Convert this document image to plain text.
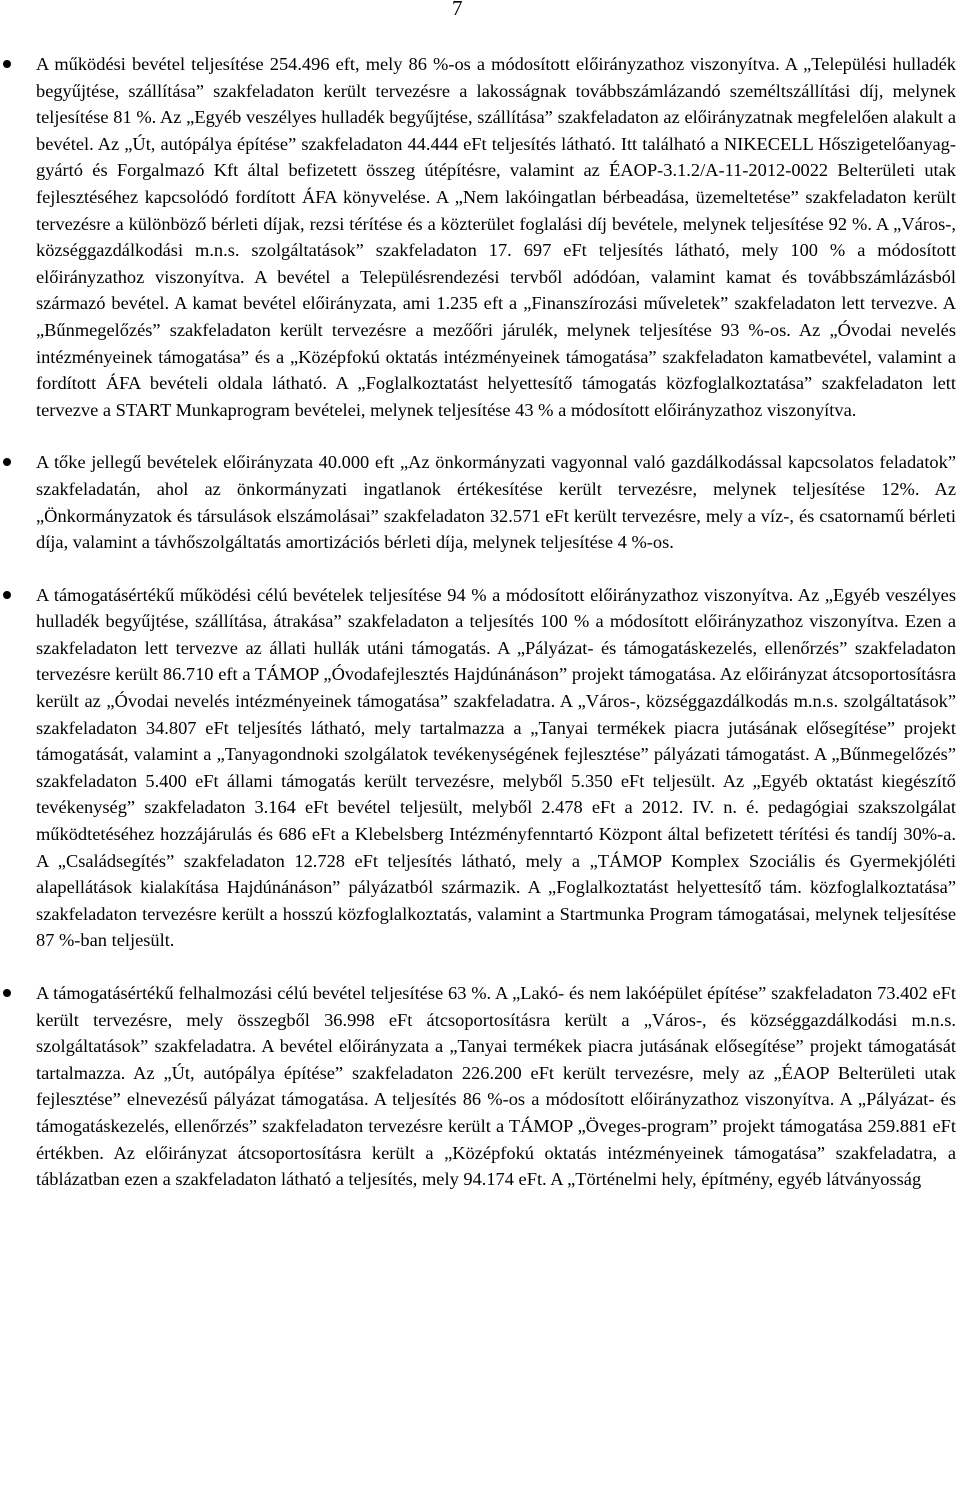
7
A működési bevétel teljesítése 254.496 eft, mely 86 %-os a módosított előirányzathoz viszonyítva. A „Települési hulladék begyűjtése, szállítása” szakfeladaton került tervezésre a lakosságnak továbbszámlázandó személtszállítási díj, melynek teljesítése 81 %. Az „Egyéb veszélyes hulladék begyűjtése, szállítása” szakfeladaton az előirányzatnak megfelelően alakult a bevétel. Az „Út, autópálya építése” szakfeladaton 44.444 eFt teljesítés látható. Itt található a NIKECELL Hőszigetelőanyag-gyártó és Forgalmazó Kft által befizetett összeg útépítésre, valamint az ÉAOP-3.1.2/A-11-2012-0022 Belterületi utak fejlesztéséhez kapcsolódó fordított ÁFA könyvelése. A „Nem lakóingatlan bérbeadása, üzemeltetése” szakfeladaton került tervezésre a különböző bérleti díjak, rezsi térítése és a közterület foglalási díj bevétele, melynek teljesítése 92 %. A „Város-, községgazdálkodási m.n.s. szolgáltatások” szakfeladaton 17. 697 eFt teljesítés látható, mely 100 % a módosított előirányzathoz viszonyítva. A bevétel a Településrendezési tervből adódóan, valamint kamat és továbbszámlázásból származó bevétel. A kamat bevétel előirányzata, ami 1.235 eft a „Finanszírozási műveletek” szakfeladaton lett tervezve. A „Bűnmegelőzés” szakfeladaton került tervezésre a mezőőri járulék, melynek teljesítése 93 %-os. Az „Óvodai nevelés intézményeinek támogatása” és a „Középfokú oktatás intézményeinek támogatása” szakfeladaton kamatbevétel, valamint a fordított ÁFA bevételi oldala látható. A „Foglalkoztatást helyettesítő támogatás közfoglalkoztatása” szakfeladaton lett tervezve a START Munkaprogram bevételei, melynek teljesítése 43 % a módosított előirányzathoz viszonyítva.
A tőke jellegű bevételek előirányzata 40.000 eft „Az önkormányzati vagyonnal való gazdálkodással kapcsolatos feladatok” szakfeladatán, ahol az önkormányzati ingatlanok értékesítése került tervezésre, melynek teljesítése 12%. Az „Önkormányzatok és társulások elszámolásai” szakfeladaton 32.571 eFt került tervezésre, mely a víz-, és csatornamű bérleti díja, valamint a távhőszolgáltatás amortizációs bérleti díja, melynek teljesítése 4 %-os.
A támogatásértékű működési célú bevételek teljesítése 94 % a módosított előirányzathoz viszonyítva. Az „Egyéb veszélyes hulladék begyűjtése, szállítása, átrakása” szakfeladaton a teljesítés 100 % a módosított előirányzathoz viszonyítva. Ezen a szakfeladaton lett tervezve az állati hullák utáni támogatás. A „Pályázat- és támogatáskezelés, ellenőrzés” szakfeladaton tervezésre került 86.710 eft a TÁMOP „Óvodafejlesztés Hajdúnánáson” projekt támogatása. Az előirányzat átcsoportosításra került az „Óvodai nevelés intézményeinek támogatása” szakfeladatra. A „Város-, községgazdálkodás m.n.s. szolgáltatások” szakfeladaton 34.807 eFt teljesítés látható, mely tartalmazza a „Tanyai termékek piacra jutásának elősegítése” projekt támogatását, valamint a „Tanyagondnoki szolgálatok tevékenységének fejlesztése” pályázati támogatást. A „Bűnmegelőzés” szakfeladaton 5.400 eFt állami támogatás került tervezésre, melyből 5.350 eFt teljesült. Az „Egyéb oktatást kiegészítő tevékenység” szakfeladaton 3.164 eFt bevétel teljesült, melyből 2.478 eFt a 2012. IV. n. é. pedagógiai szakszolgálat működtetéséhez hozzájárulás és 686 eFt a Klebelsberg Intézményfenntartó Központ által befizetett térítési és tandíj 30%-a. A „Családsegítés” szakfeladaton 12.728 eFt teljesítés látható, mely a „TÁMOP Komplex Szociális és Gyermekjóléti alapellátások kialakítása Hajdúnánáson” pályázatból származik. A „Foglalkoztatást helyettesítő tám. közfoglalkoztatása” szakfeladaton tervezésre került a hosszú közfoglalkoztatás, valamint a Startmunka Program támogatásai, melynek teljesítése 87 %-ban teljesült.
A támogatásértékű felhalmozási célú bevétel teljesítése 63 %. A „Lakó- és nem lakóépület építése” szakfeladaton 73.402 eFt került tervezésre, mely összegből 36.998 eFt átcsoportosításra került a „Város-, és községgazdálkodási m.n.s. szolgáltatások” szakfeladatra. A bevétel előirányzata a „Tanyai termékek piacra jutásának elősegítése” projekt támogatását tartalmazza. Az „Út, autópálya építése” szakfeladaton 226.200 eFt került tervezésre, mely az „ÉAOP Belterületi utak fejlesztése” elnevezésű pályázat támogatása. A teljesítés 86 %-os a módosított előirányzathoz viszonyítva. A „Pályázat- és támogatáskezelés, ellenőrzés” szakfeladaton tervezésre került a TÁMOP „Öveges-program” projekt támogatása 259.881 eFt értékben. Az előirányzat átcsoportosításra került a „Középfokú oktatás intézményeinek támogatása” szakfeladatra, a táblázatban ezen a szakfeladaton látható a teljesítés, mely 94.174 eFt. A „Történelmi hely, építmény, egyéb látványosság
